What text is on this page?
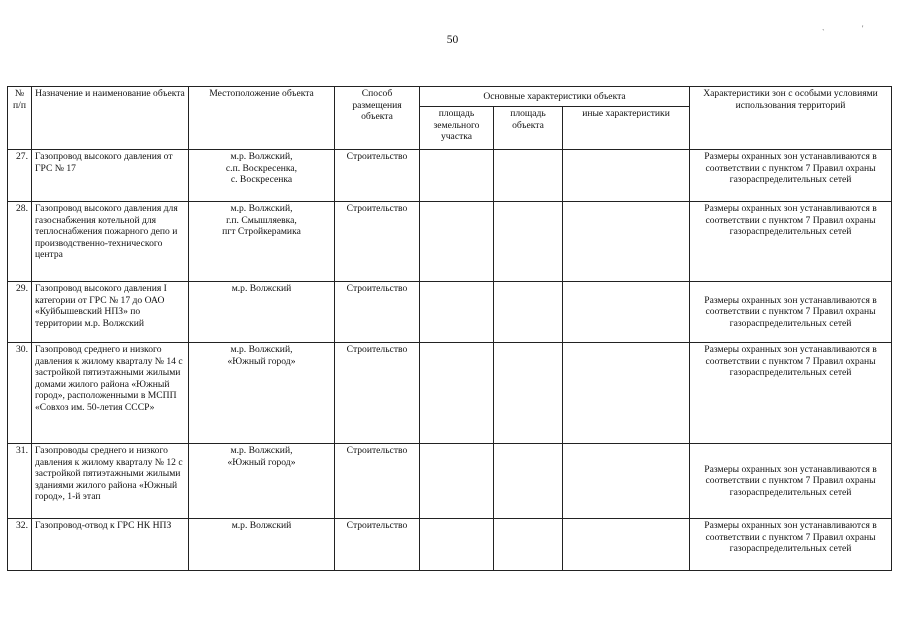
50
`	'
№
п/п	Назначение и наименование объекта	Местоположение объекта	Способ размещения объекта	Основные характеристики объекта			Характеристики зон с особыми условиями использования территорий
				площадь земельного участка	площадь объекта	иные характеристики	
27.	Газопровод высокого давления от ГРС № 17	м.р. Волжский,
с.п. Воскресенка,
с. Воскресенка	Строительство				Размеры охранных зон устанавливаются в соответствии с пунктом 7 Правил охраны газораспределительных сетей
28.	Газопровод высокого давления для газоснабжения котельной для теплоснабжения пожарного депо и производственно-технического центра	м.р. Волжский,
г.п. Смышляевка,
пгт Стройкерамика	Строительство				Размеры охранных зон устанавливаются в соответствии с пунктом 7 Правил охраны газораспределительных сетей
29.	Газопровод высокого давления I категории от ГРС № 17 до ОАО «Куйбышевский НПЗ» по территории м.р. Волжский	м.р. Волжский	Строительство				Размеры охранных зон устанавливаются в соответствии с пунктом 7 Правил охраны газораспределительных сетей
30.	Газопровод среднего и низкого давления к жилому кварталу № 14 с застройкой пятиэтажными жилыми домами жилого района «Южный город», расположенными в МСПП «Совхоз им. 50-летия СССР»	м.р. Волжский,
«Южный город»	Строительство				Размеры охранных зон устанавливаются в соответствии с пунктом 7 Правил охраны газораспределительных сетей
31.	Газопроводы среднего и низкого давления к жилому кварталу № 12 с застройкой пятиэтажными жилыми зданиями жилого района «Южный город», 1-й этап	м.р. Волжский,
«Южный город»	Строительство				Размеры охранных зон устанавливаются в соответствии с пунктом 7 Правил охраны газораспределительных сетей
32.	Газопровод-отвод к ГРС НК НПЗ	м.р. Волжский	Строительство				Размеры охранных зон устанавливаются в соответствии с пунктом 7 Правил охраны газораспределительных сетей
